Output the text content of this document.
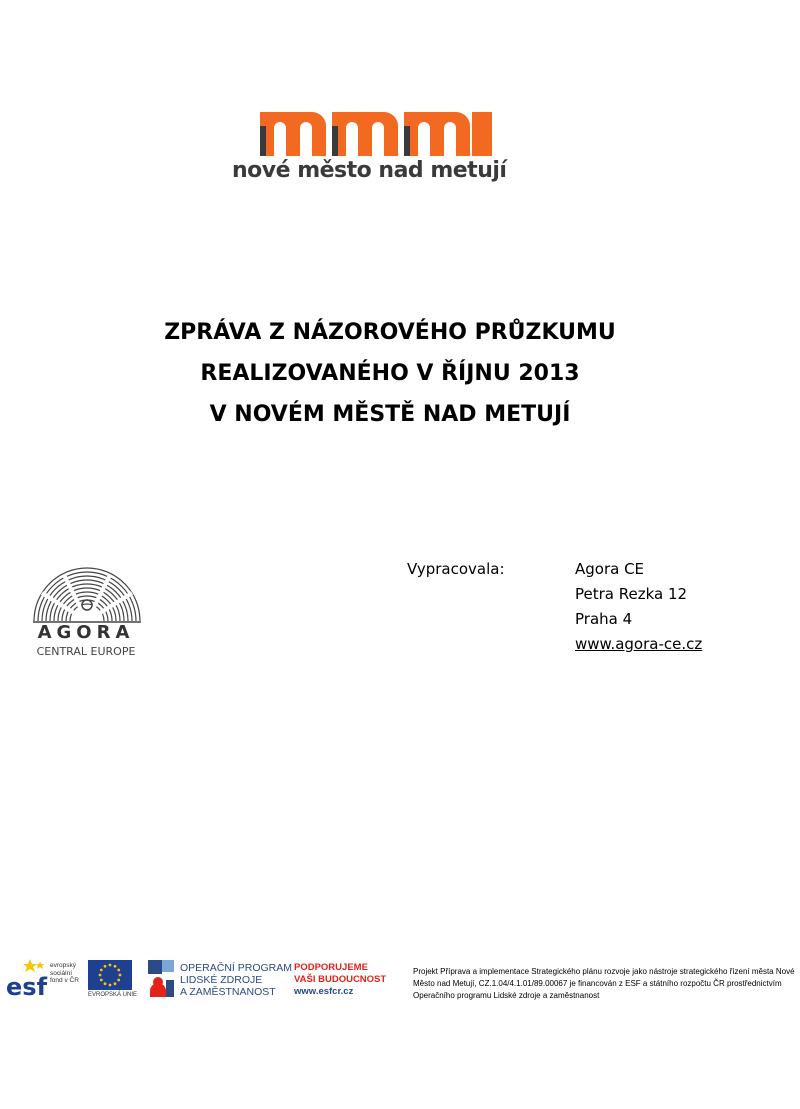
nové město nad metují
ZPRÁVA Z NÁZOROVÉHO PRŮZKUMU
REALIZOVANÉHO V ŘÍJNU 2013
V NOVÉM MĚSTĚ NAD METUJÍ
AGORA
CENTRAL EUROPE
Vypracovala:	Agora CE
Petra Rezka 12
Praha 4
www.agora-ce.cz
esf
evropský
sociální
fond v ČR
EVROPSKÁ UNIE
OPERAČNÍ PROGRAM
LIDSKÉ ZDROJE
A ZAMĚSTNANOST
PODPORUJEME
VAŠI BUDOUCNOST
www.esfcr.cz
Projekt Příprava a implementace Strategického plánu rozvoje jako nástroje strategického řízení města Nové Město nad Metují, CZ.1.04/4.1.01/89.00067 je financován z ESF a státního rozpočtu ČR prostřednictvím Operačního programu Lidské zdroje a zaměstnanost
